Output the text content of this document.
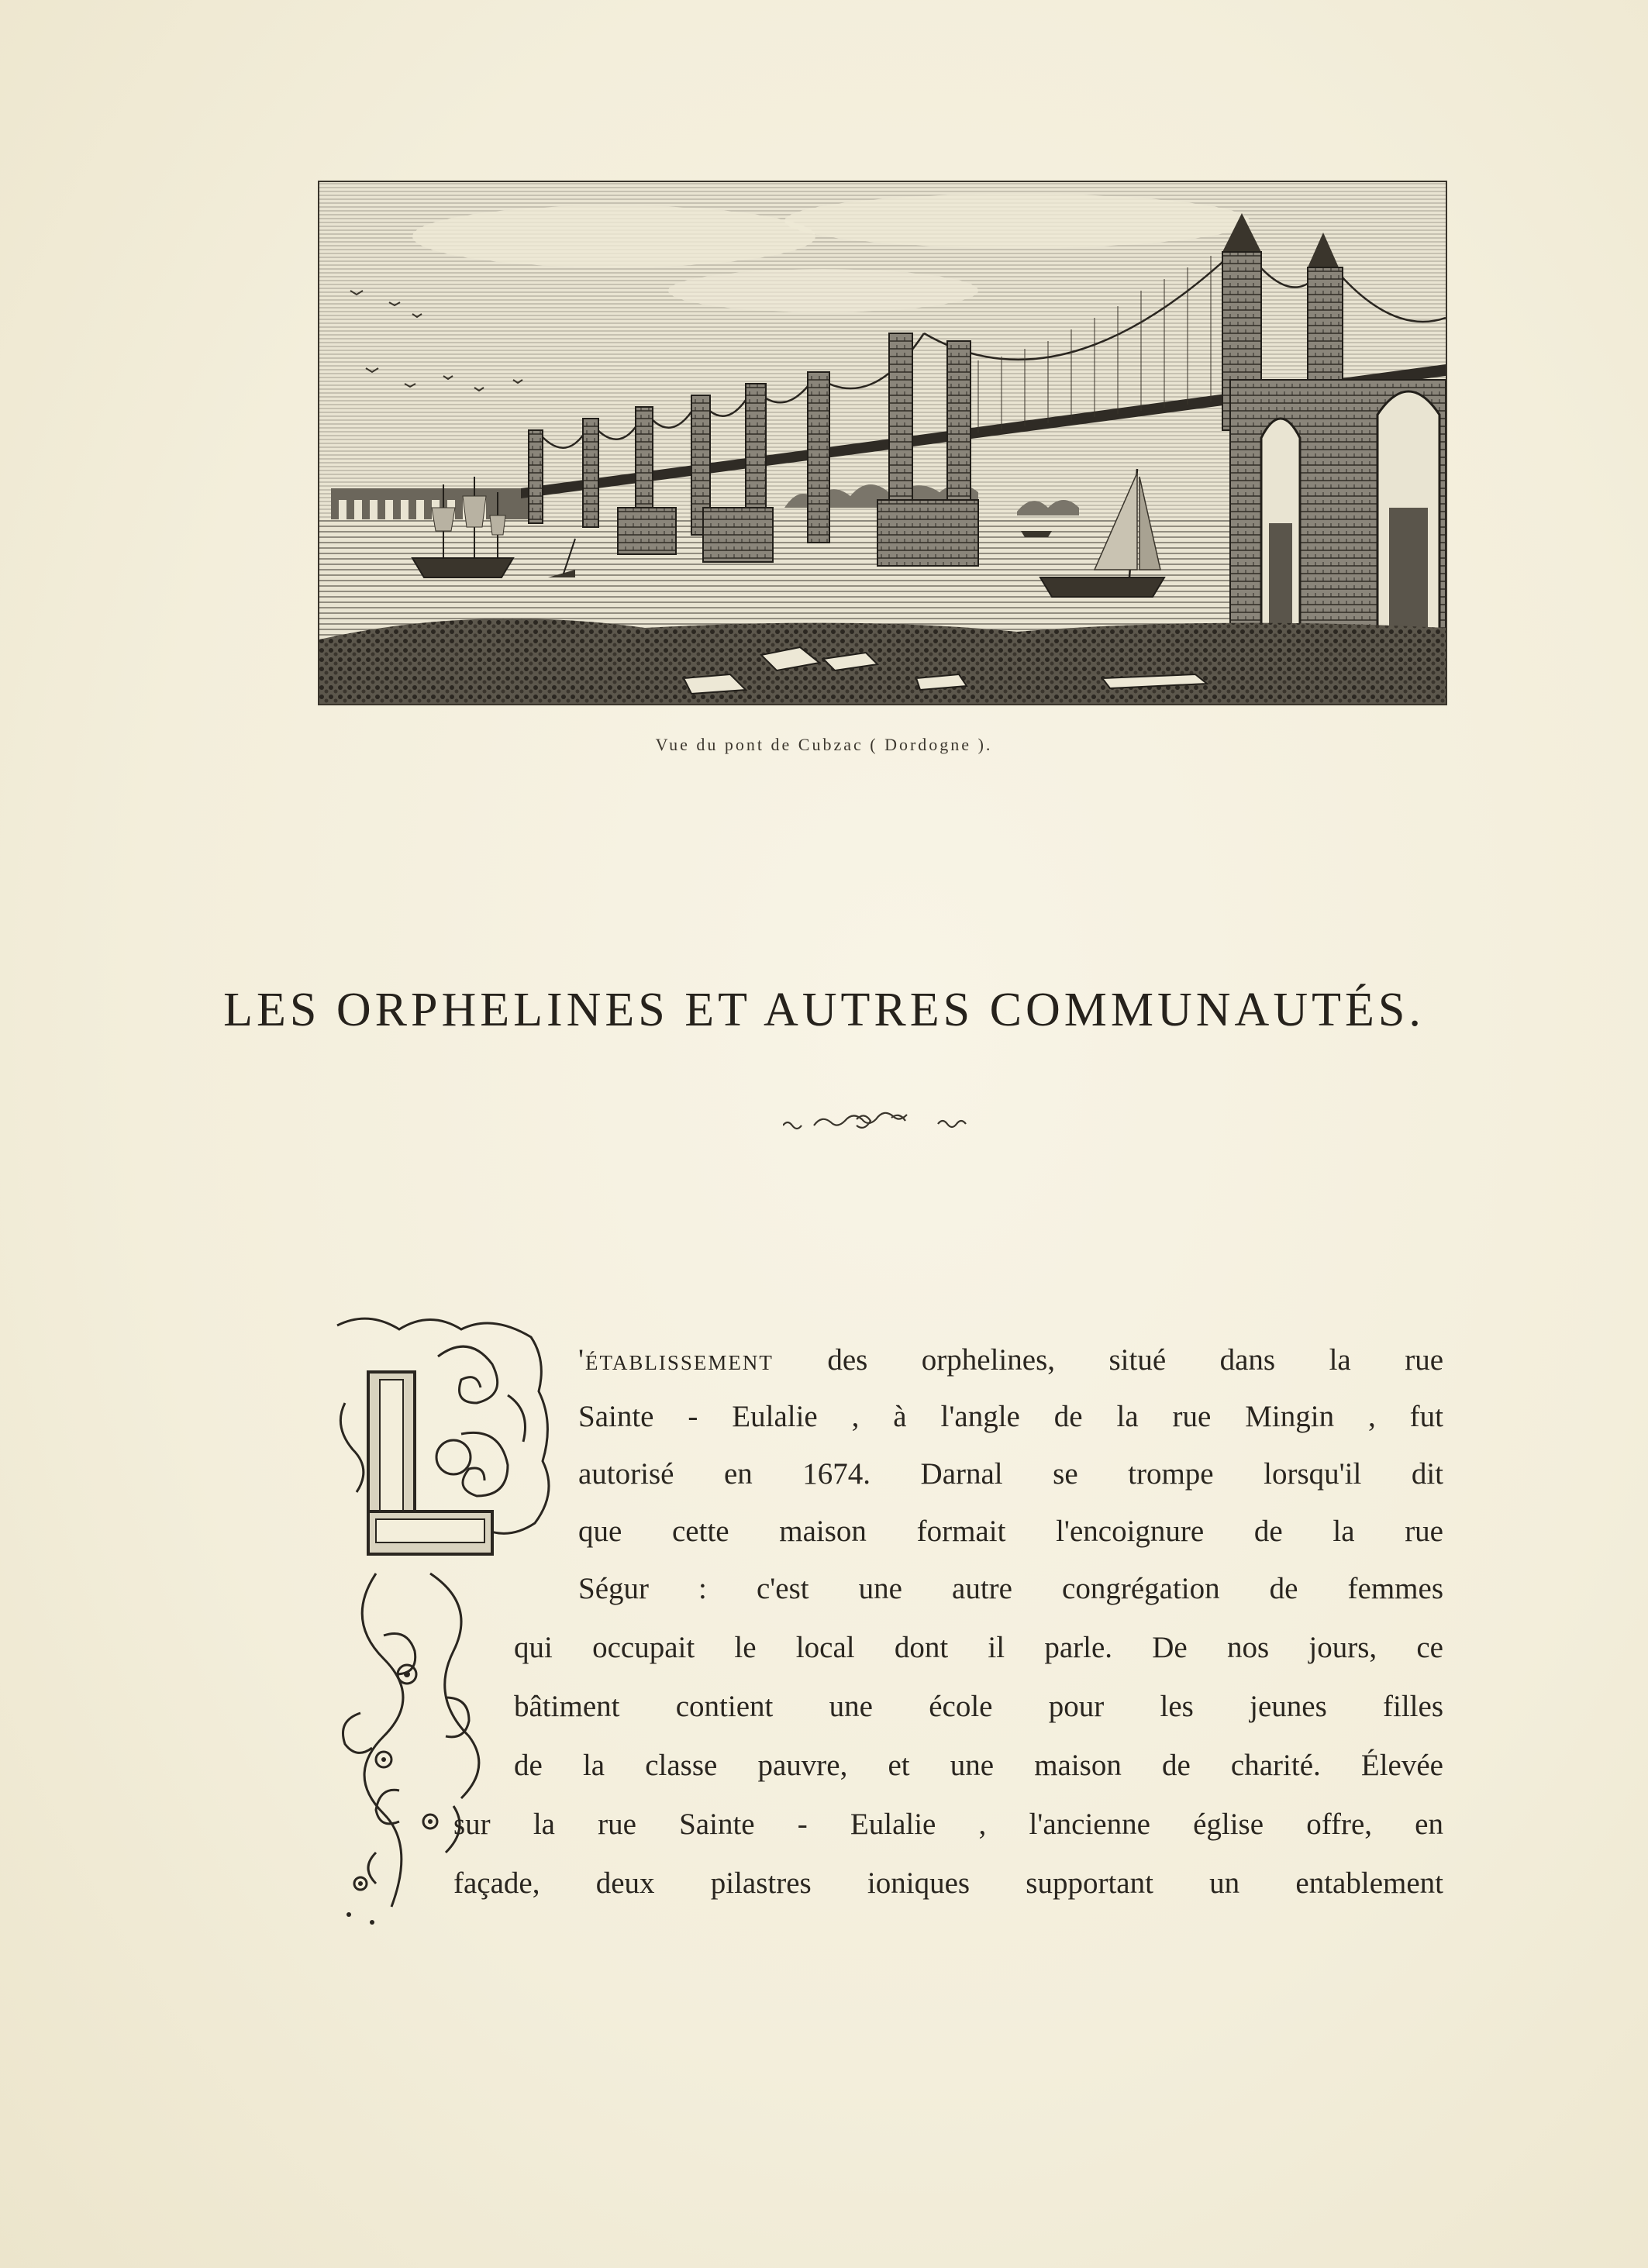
Vue du pont de Cubzac ( Dordogne ).
LES ORPHELINES ET AUTRES COMMUNAUTÉS.
'établissement des orphelines, situé dans la rue
Sainte - Eulalie , à l'angle de la rue Mingin , fut
autorisé en 1674. Darnal se trompe lorsqu'il dit
que cette maison formait l'encoignure de la rue
Ségur : c'est une autre congrégation de femmes
qui occupait le local dont il parle. De nos jours, ce
bâtiment contient une école pour les jeunes filles
de la classe pauvre, et une maison de charité. Élevée
sur la rue Sainte - Eulalie , l'ancienne église offre, en
façade, deux pilastres ioniques supportant un entablement
